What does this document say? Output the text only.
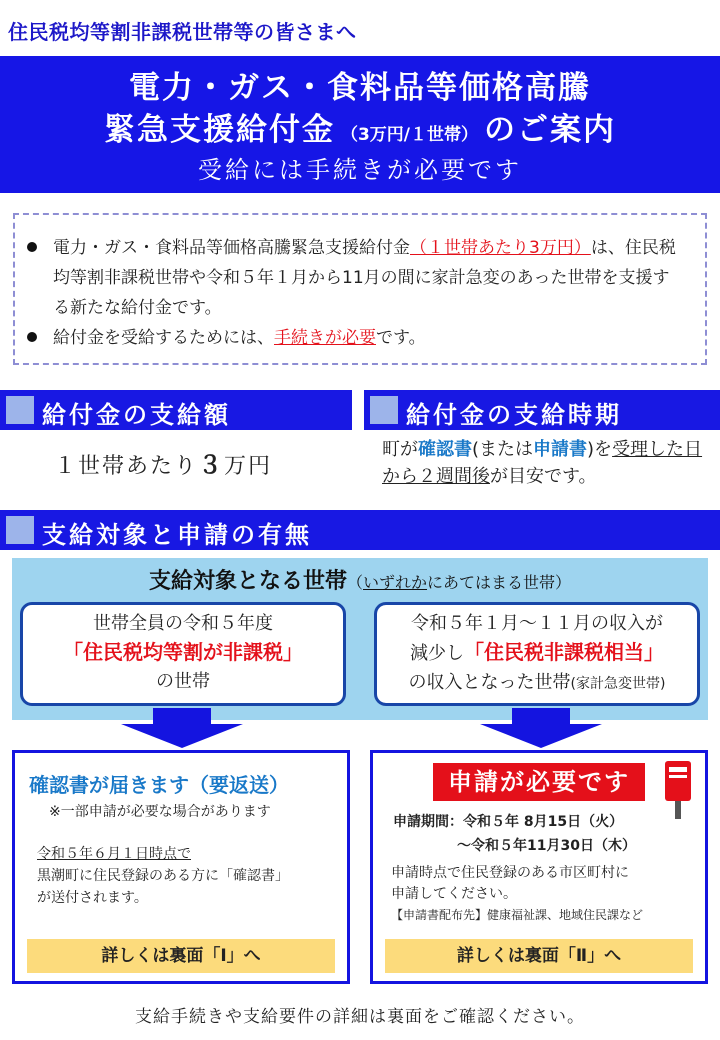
住民税均等割非課税世帯等の皆さまへ
電力・ガス・食料品等価格高騰
緊急支援給付金 （3万円/１世帯） のご案内
受給には手続きが必要です
電力・ガス・食料品等価格高騰緊急支援給付金（１世帯あたり3万円）は、住民税均等割非課税世帯や令和５年１月から11月の間に家計急変のあった世帯を支援する新たな給付金です。
給付金を受給するためには、手続きが必要です。
給付金の支給額	給付金の支給時期
１世帯あたり３万円
町が確認書(または申請書)を受理した日から２週間後が目安です。
支給対象と申請の有無
支給対象となる世帯（いずれかにあてはまる世帯）
世帯全員の令和５年度
「住民税均等割が非課税」
の世帯
令和５年１月～１１月の収入が
減少し「住民税非課税相当」
の収入となった世帯(家計急変世帯)
確認書が届きます（要返送）
※一部申請が必要な場合があります
令和５年６月１日時点で
黒潮町に住民登録のある方に「確認書」
が送付されます。
詳しくは裏面「Ⅰ」へ
申請が必要です
申請期間：令和５年 8月15日（火）
～令和５年11月30日（木）
申請時点で住民登録のある市区町村に
申請してください。
【申請書配布先】健康福祉課、地域住民課など
詳しくは裏面「Ⅱ」へ
支給手続きや支給要件の詳細は裏面をご確認ください。
